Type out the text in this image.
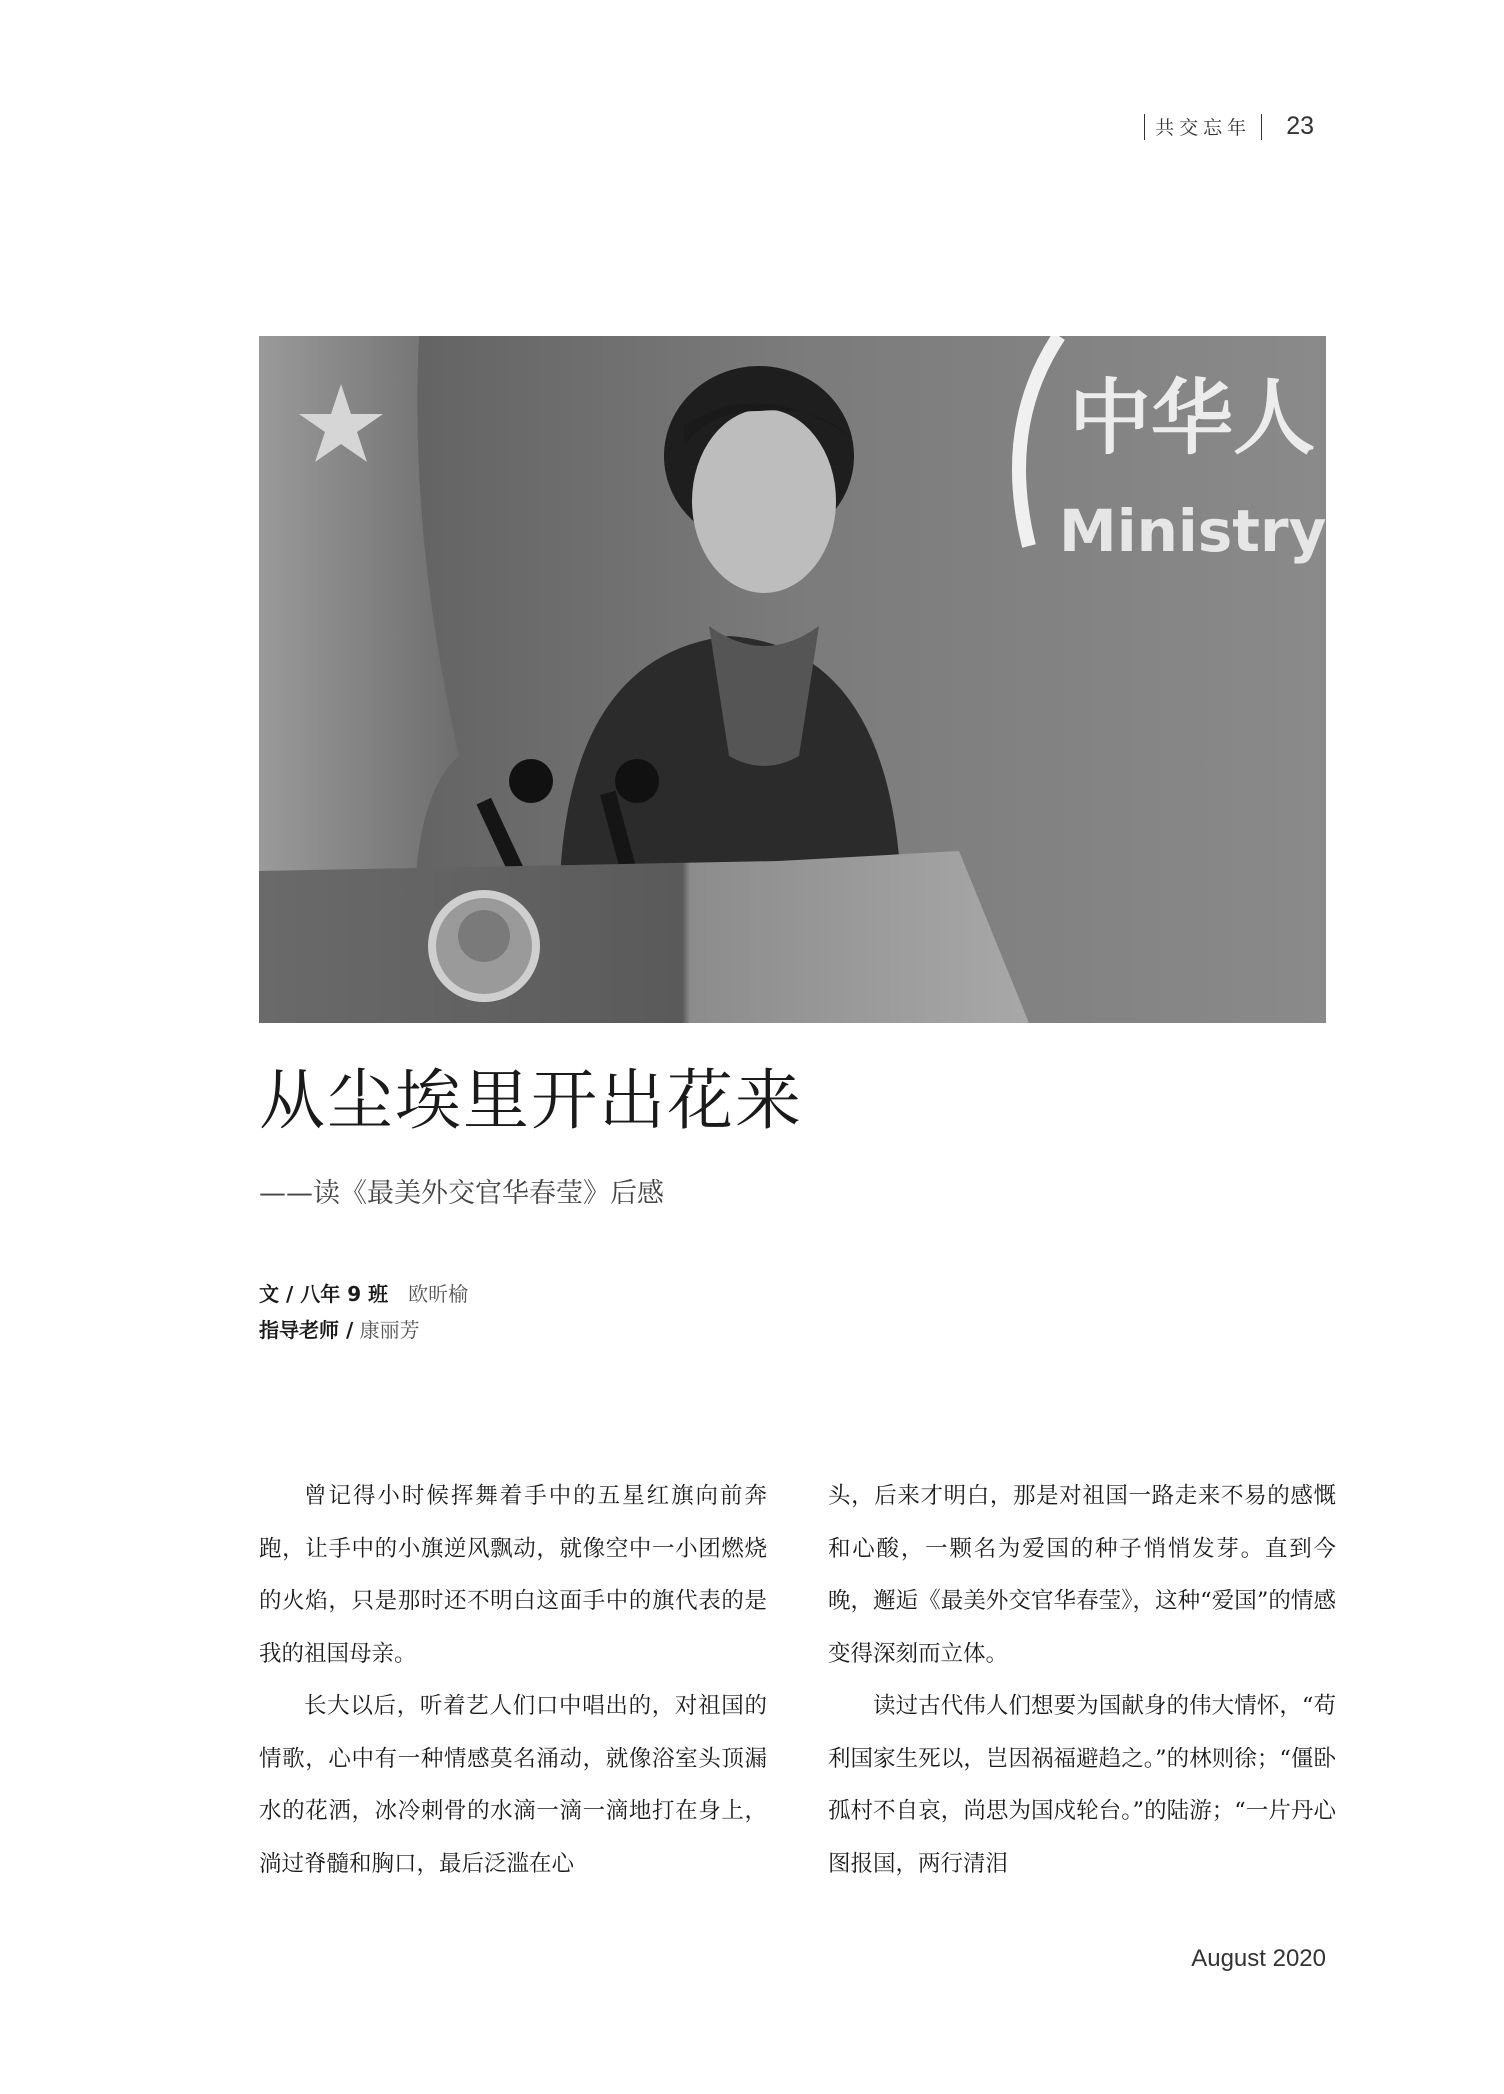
共交忘年 23
中华人
Ministry
从尘埃里开出花来
——读《最美外交官华春莹》后感
文 / 八年 9 班 欧昕榆
指导老师 / 康丽芳

曾记得小时候挥舞着手中的五星红旗向前奔跑，让手中的小旗逆风飘动，就像空中一小团燃烧的火焰，只是那时还不明白这面手中的旗代表的是我的祖国母亲。

长大以后，听着艺人们口中唱出的，对祖国的情歌，心中有一种情感莫名涌动，就像浴室头顶漏水的花洒，冰冷刺骨的水滴一滴一滴地打在身上，淌过脊髓和胸口，最后泛滥在心

头，后来才明白，那是对祖国一路走来不易的感慨和心酸，一颗名为爱国的种子悄悄发芽。直到今晚，邂逅《最美外交官华春莹》，这种“爱国”的情感变得深刻而立体。

读过古代伟人们想要为国献身的伟大情怀，“苟利国家生死以，岂因祸福避趋之。”的林则徐；“僵卧孤村不自哀，尚思为国戍轮台。”的陆游；“一片丹心图报国，两行清泪

August 2020
